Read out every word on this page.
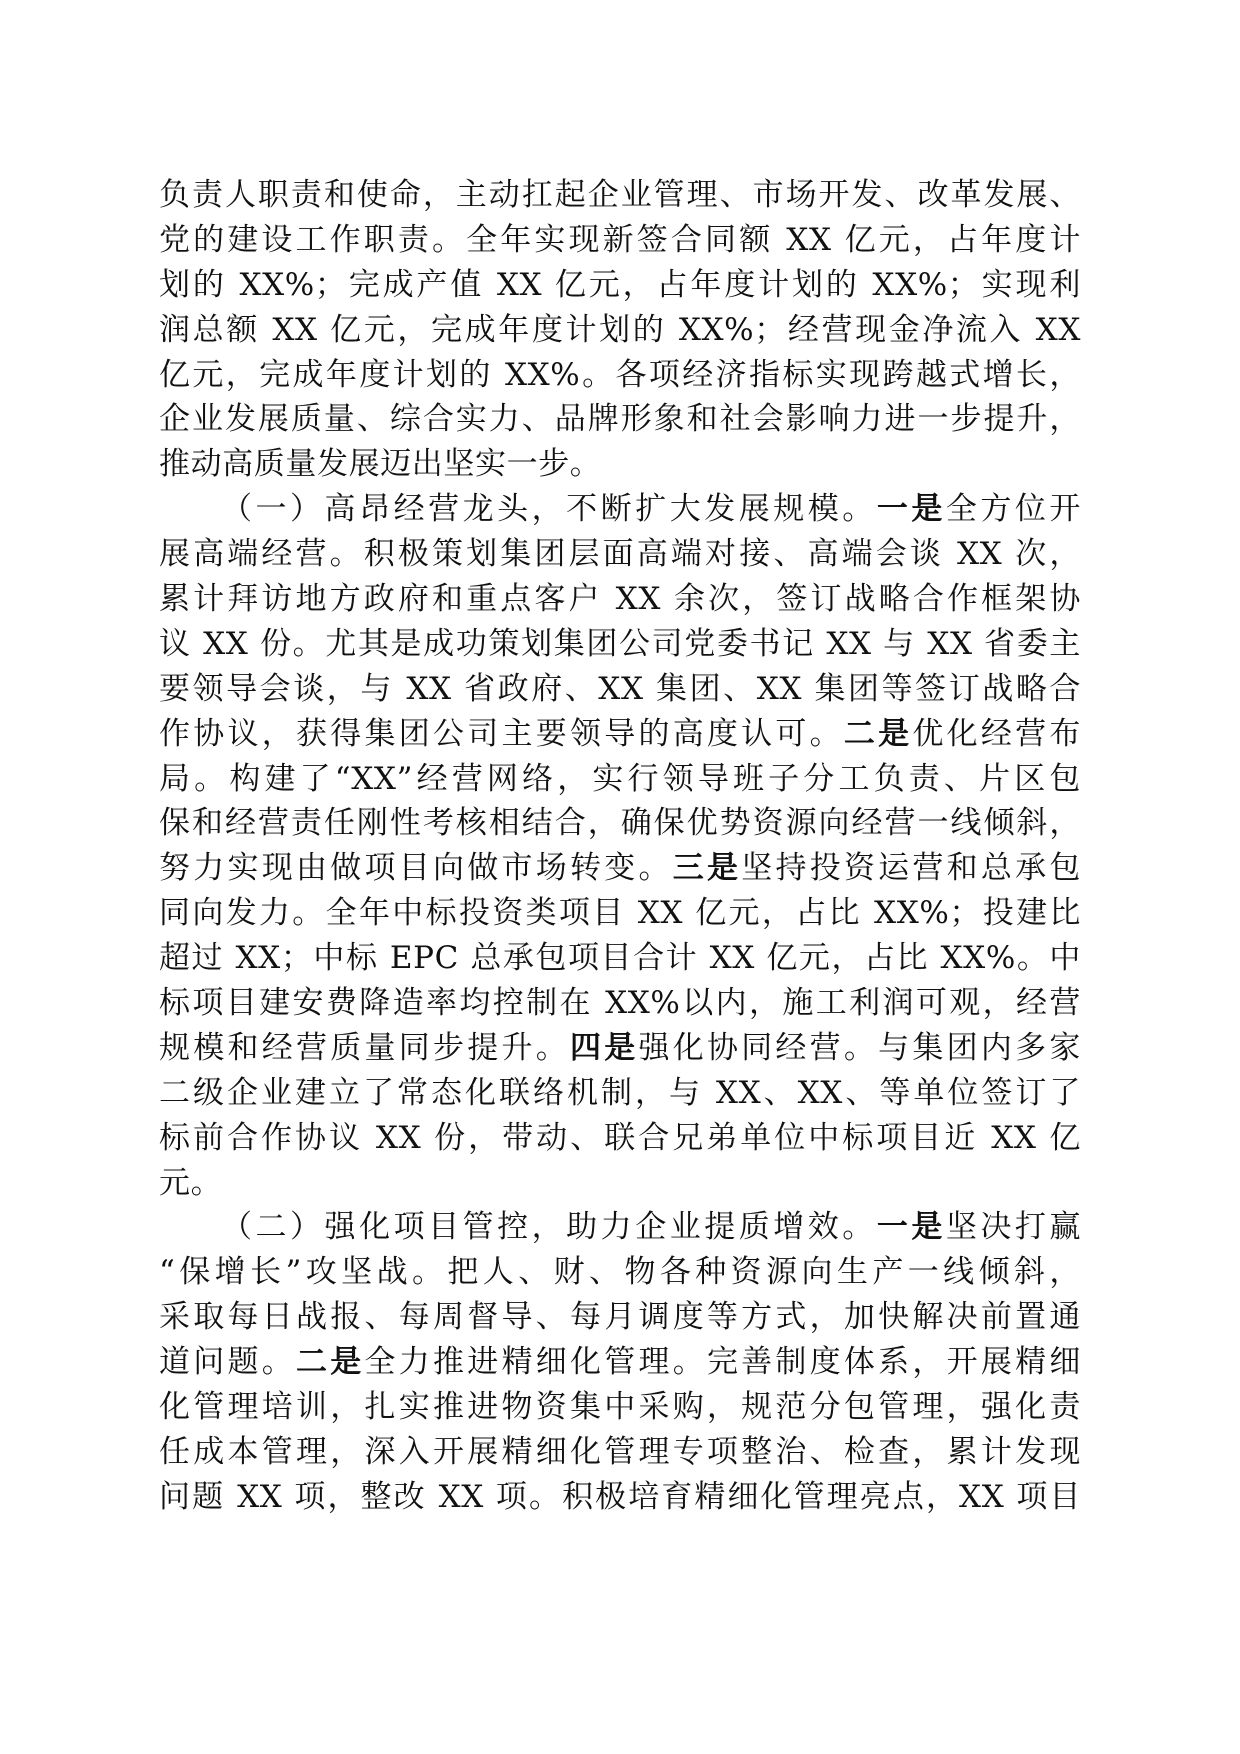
负责人职责和使命，主动扛起企业管理、市场开发、改革发展、
党的建设工作职责。全年实现新签合同额 XX 亿元，占年度计
划的 XX%；完成产值 XX 亿元，占年度计划的 XX%；实现利
润总额 XX 亿元，完成年度计划的 XX%；经营现金净流入 XX
亿元，完成年度计划的 XX%。各项经济指标实现跨越式增长，
企业发展质量、综合实力、品牌形象和社会影响力进一步提升，
推动高质量发展迈出坚实一步。
（一）高昂经营龙头，不断扩大发展规模。一是全方位开
展高端经营。积极策划集团层面高端对接、高端会谈 XX 次，
累计拜访地方政府和重点客户 XX 余次，签订战略合作框架协
议 XX 份。尤其是成功策划集团公司党委书记 XX 与 XX 省委主
要领导会谈，与 XX 省政府、XX 集团、XX 集团等签订战略合
作协议，获得集团公司主要领导的高度认可。二是优化经营布
局。构建了“XX”经营网络，实行领导班子分工负责、片区包
保和经营责任刚性考核相结合，确保优势资源向经营一线倾斜，
努力实现由做项目向做市场转变。三是坚持投资运营和总承包
同向发力。全年中标投资类项目 XX 亿元，占比 XX%；投建比
超过 XX；中标 EPC 总承包项目合计 XX 亿元，占比 XX%。中
标项目建安费降造率均控制在 XX%以内，施工利润可观，经营
规模和经营质量同步提升。四是强化协同经营。与集团内多家
二级企业建立了常态化联络机制，与 XX、XX、等单位签订了
标前合作协议 XX 份，带动、联合兄弟单位中标项目近 XX 亿
元。
（二）强化项目管控，助力企业提质增效。一是坚决打赢
“保增长”攻坚战。把人、财、物各种资源向生产一线倾斜，
采取每日战报、每周督导、每月调度等方式，加快解决前置通
道问题。二是全力推进精细化管理。完善制度体系，开展精细
化管理培训，扎实推进物资集中采购，规范分包管理，强化责
任成本管理，深入开展精细化管理专项整治、检查，累计发现
问题 XX 项，整改 XX 项。积极培育精细化管理亮点，XX 项目
